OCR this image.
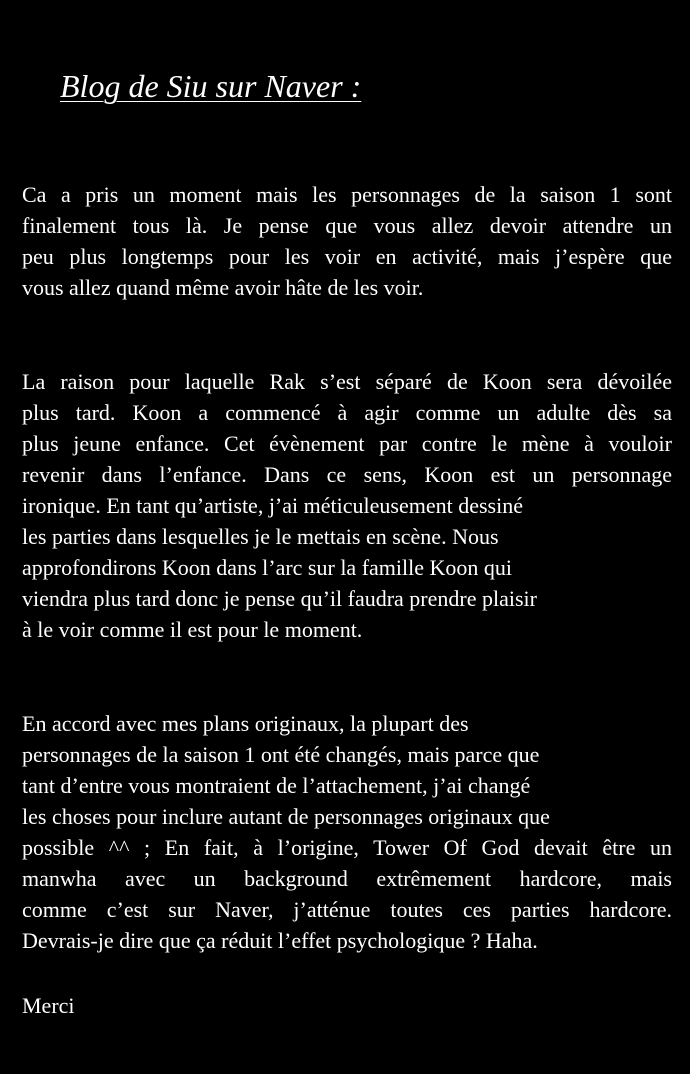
Blog de Siu sur Naver :
Ca a pris un moment mais les personnages de la saison 1 sont
finalement tous là. Je pense que vous allez devoir attendre un
peu plus longtemps pour les voir en activité, mais j’espère que
vous allez quand même avoir hâte de les voir.
La raison pour laquelle Rak s’est séparé de Koon sera dévoilée
plus tard. Koon a commencé à agir comme un adulte dès sa
plus jeune enfance. Cet évènement par contre le mène à vouloir
revenir dans l’enfance. Dans ce sens, Koon est un personnage
ironique. En tant qu’artiste, j’ai méticuleusement dessiné
les parties dans lesquelles je le mettais en scène. Nous
approfondirons Koon dans l’arc sur la famille Koon qui
viendra plus tard donc je pense qu’il faudra prendre plaisir
à le voir comme il est pour le moment.
En accord avec mes plans originaux, la plupart des
personnages de la saison 1 ont été changés, mais parce que
tant d’entre vous montraient de l’attachement, j’ai changé
les choses pour inclure autant de personnages originaux que
possible ^^ ; En fait, à l’origine, Tower Of God devait être un
manwha avec un background extrêmement hardcore, mais
comme c’est sur Naver, j’atténue toutes ces parties hardcore.
Devrais-je dire que ça réduit l’effet psychologique ? Haha.
Merci
